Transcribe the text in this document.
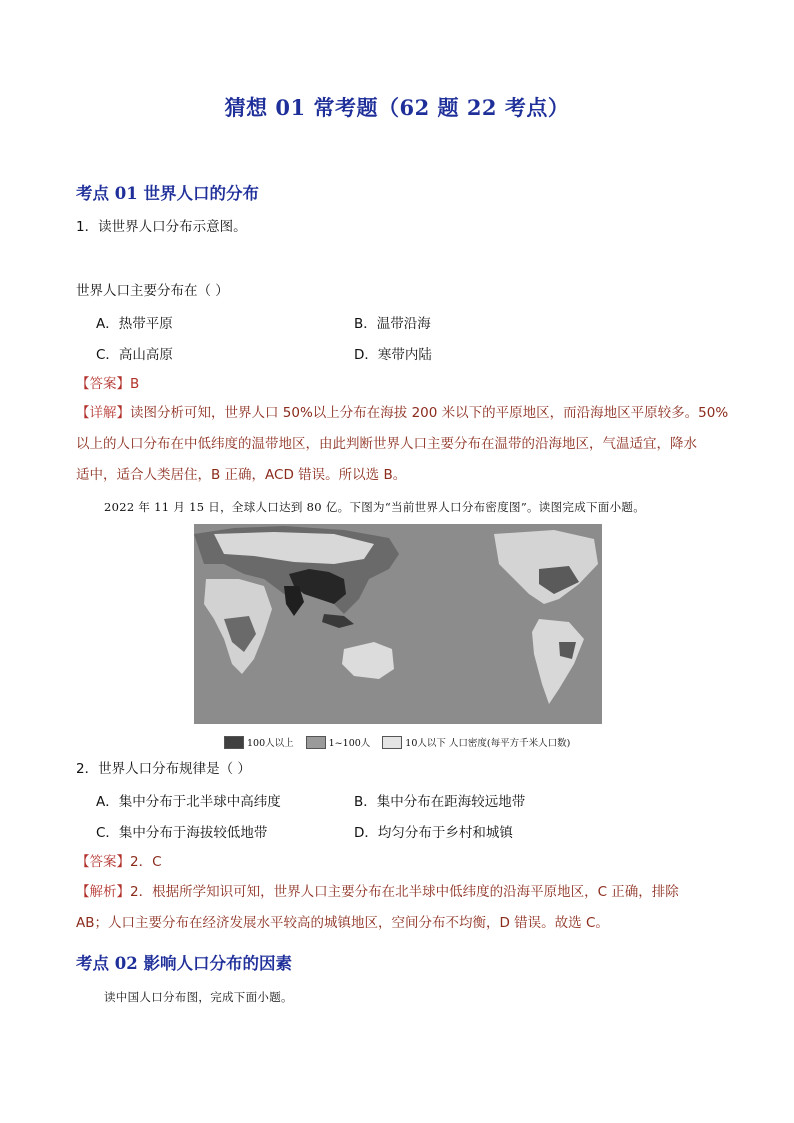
猜想 01 常考题（62 题 22 考点）
考点 01 世界人口的分布
1．读世界人口分布示意图。
世界人口主要分布在（ ）
A．热带平原	B．温带沿海
C．高山高原	D．寒带内陆
【答案】B
【详解】读图分析可知，世界人口 50%以上分布在海拔 200 米以下的平原地区，而沿海地区平原较多。50%
以上的人口分布在中低纬度的温带地区，由此判断世界人口主要分布在温带的沿海地区，气温适宜，降水
适中，适合人类居住，B 正确，ACD 错误。所以选 B。
2022 年 11 月 15 日，全球人口达到 80 亿。下图为“当前世界人口分布密度图”。读图完成下面小题。
100人以上	1~100人	10人以下 人口密度(每平方千米人口数)
2．世界人口分布规律是（ ）
A．集中分布于北半球中高纬度	B．集中分布在距海较远地带
C．集中分布于海拔较低地带	D．均匀分布于乡村和城镇
【答案】2．C
【解析】2．根据所学知识可知，世界人口主要分布在北半球中低纬度的沿海平原地区，C 正确，排除
AB；人口主要分布在经济发展水平较高的城镇地区，空间分布不均衡，D 错误。故选 C。
考点 02 影响人口分布的因素
读中国人口分布图，完成下面小题。
